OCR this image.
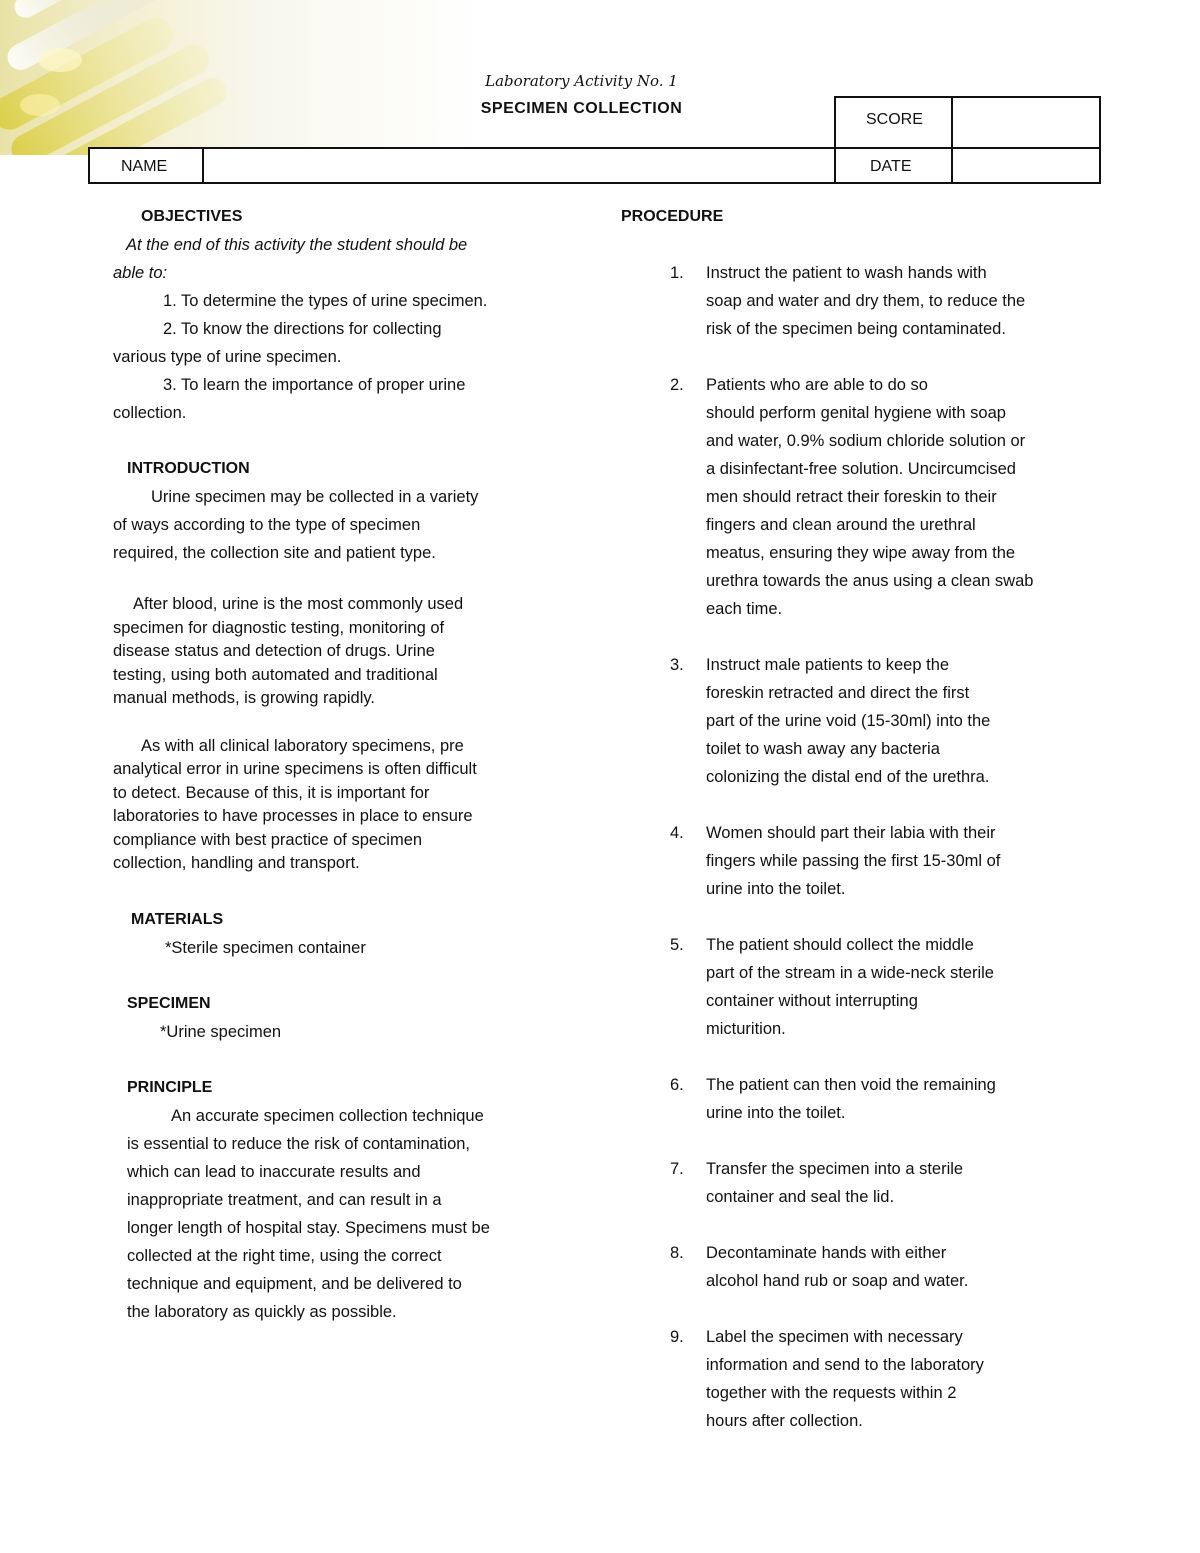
Laboratory Activity No. 1
SPECIMEN COLLECTION
SCORE
NAME	DATE
OBJECTIVES
At the end of this activity the student should be
able to:
1. To determine the types of urine specimen.
2. To know the directions for collecting
various type of urine specimen.
3. To learn the importance of proper urine
collection.
INTRODUCTION
Urine specimen may be collected in a variety
of ways according to the type of specimen
required, the collection site and patient type.
After blood, urine is the most commonly used
specimen for diagnostic testing, monitoring of
disease status and detection of drugs. Urine
testing, using both automated and traditional
manual methods, is growing rapidly.
As with all clinical laboratory specimens, pre
analytical error in urine specimens is often difficult
to detect. Because of this, it is important for
laboratories to have processes in place to ensure
compliance with best practice of specimen
collection, handling and transport.
MATERIALS
*Sterile specimen container
SPECIMEN
*Urine specimen
PRINCIPLE
An accurate specimen collection technique
is essential to reduce the risk of contamination,
which can lead to inaccurate results and
inappropriate treatment, and can result in a
longer length of hospital stay. Specimens must be
collected at the right time, using the correct
technique and equipment, and be delivered to
the laboratory as quickly as possible.
PROCEDURE
1.	Instruct the patient to wash hands with
soap and water and dry them, to reduce the
risk of the specimen being contaminated.
2.	Patients who are able to do so
should perform genital hygiene with soap
and water, 0.9% sodium chloride solution or
a disinfectant-free solution. Uncircumcised
men should retract their foreskin to their
fingers and clean around the urethral
meatus, ensuring they wipe away from the
urethra towards the anus using a clean swab
each time.
3.	Instruct male patients to keep the
foreskin retracted and direct the first
part of the urine void (15-30ml) into the
toilet to wash away any bacteria
colonizing the distal end of the urethra.
4.	Women should part their labia with their
fingers while passing the first 15-30ml of
urine into the toilet.
5.	The patient should collect the middle
part of the stream in a wide-neck sterile
container without interrupting
micturition.
6.	The patient can then void the remaining
urine into the toilet.
7.	Transfer the specimen into a sterile
container and seal the lid.
8.	Decontaminate hands with either
alcohol hand rub or soap and water.
9.	Label the specimen with necessary
information and send to the laboratory
together with the requests within 2
hours after collection.
